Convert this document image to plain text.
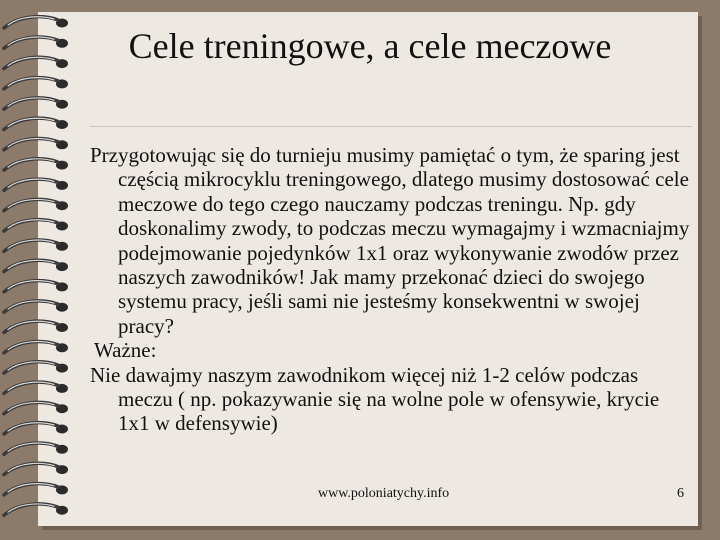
Cele treningowe, a cele meczowe

Przygotowując się do turnieju musimy pamiętać o tym, że sparing jest częścią mikrocyklu treningowego, dlatego musimy dostosować cele meczowe do tego czego nauczamy podczas treningu. Np. gdy doskonalimy zwody, to podczas meczu wymagajmy i wzmacniajmy podejmowanie pojedynków 1x1 oraz wykonywanie zwodów przez naszych zawodników! Jak mamy przekonać dzieci do swojego systemu pracy, jeśli sami nie jesteśmy konsekwentni w swojej pracy?

Ważne:

Nie dawajmy naszym zawodnikom więcej niż 1-2 celów podczas meczu ( np. pokazywanie się na wolne pole w ofensywie, krycie 1x1 w defensywie)

www.poloniatychy.info	6
